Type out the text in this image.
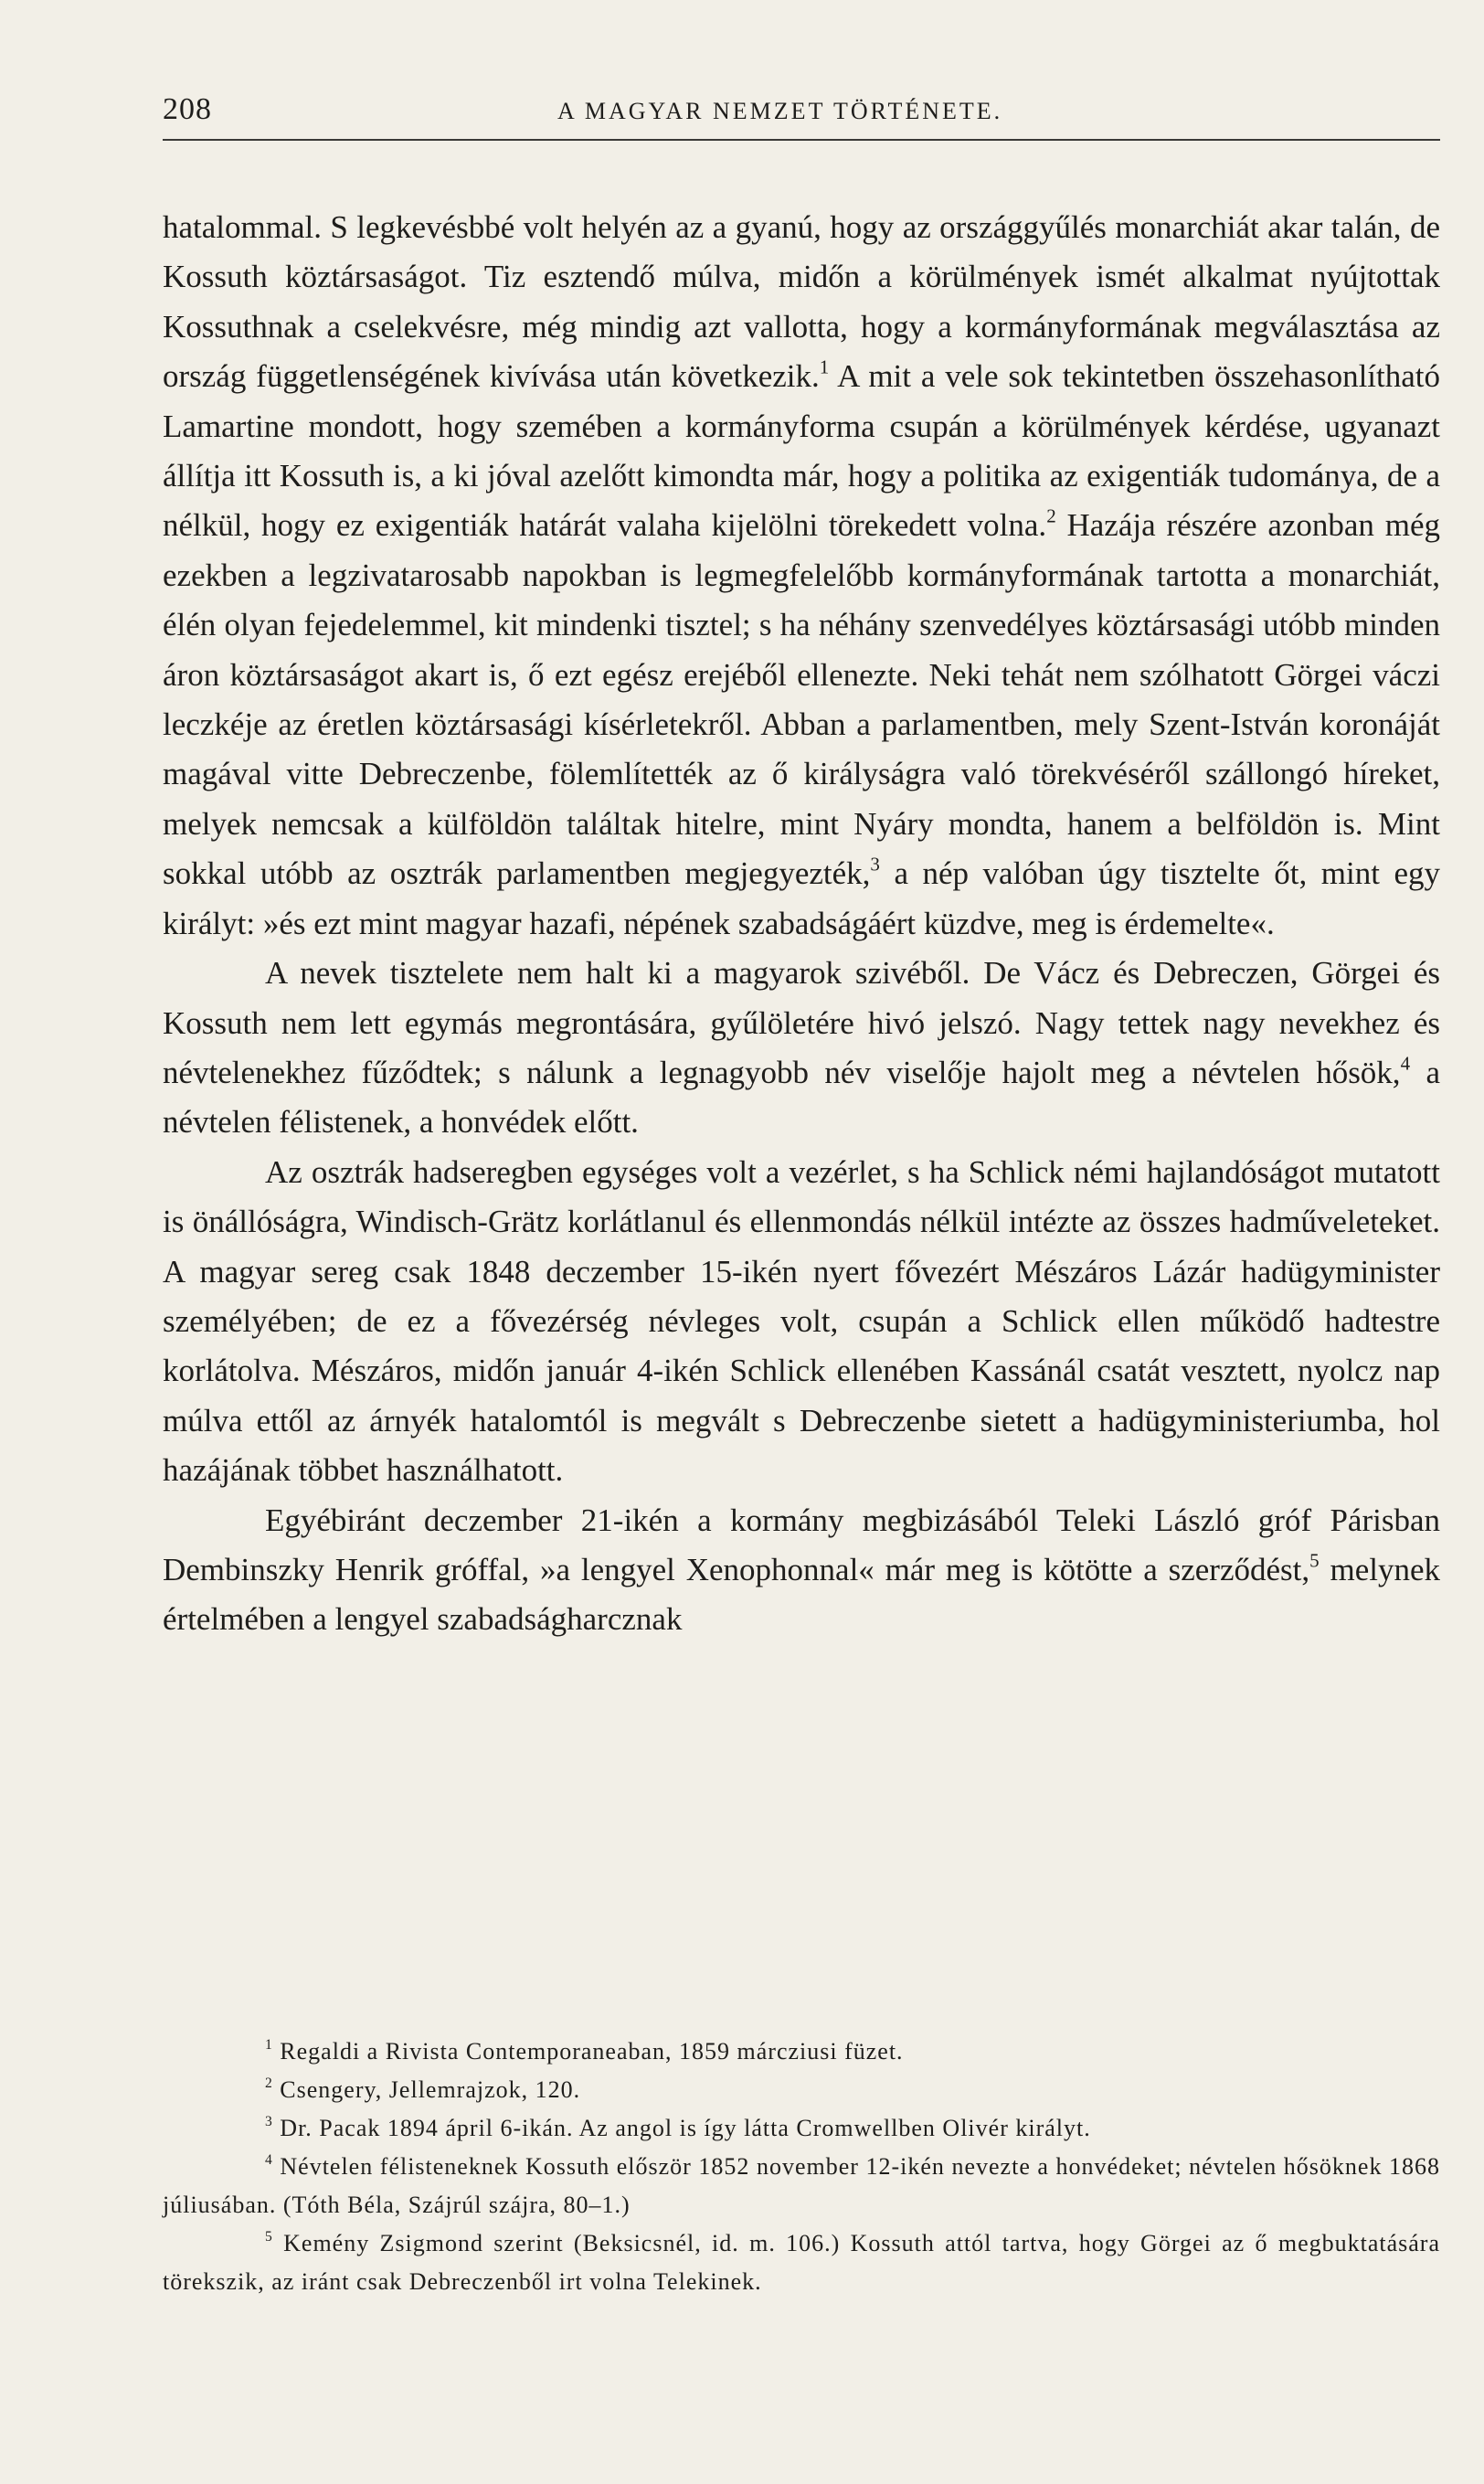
208	A MAGYAR NEMZET TÖRTÉNETE.

hatalommal. S legkevésbbé volt helyén az a gyanú, hogy az országgyűlés monarchiát akar talán, de Kossuth köztársaságot. Tiz esztendő múlva, midőn a körülmények ismét alkalmat nyújtottak Kossuthnak a cselekvésre, még mindig azt vallotta, hogy a kormányformának megválasztása az ország függetlenségének kivívása után következik.$^1$ A mit a vele sok tekintetben összehasonlítható Lamartine mondott, hogy szemében a kormányforma csupán a körülmények kérdése, ugyanazt állítja itt Kossuth is, a ki jóval azelőtt kimondta már, hogy a politika az exigentiák tudománya, de a nélkül, hogy ez exigentiák határát valaha kijelölni törekedett volna.$^2$ Hazája részére azonban még ezekben a legzivatarosabb napokban is legmegfelelőbb kormányformának tartotta a monarchiát, élén olyan fejedelemmel, kit mindenki tisztel; s ha néhány szenvedélyes köztársasági utóbb minden áron köztársaságot akart is, ő ezt egész erejéből ellenezte. Neki tehát nem szólhatott Görgei váczi leczkéje az éretlen köztársasági kísérletekről. Abban a parlamentben, mely Szent-István koronáját magával vitte Debreczenbe, fölemlítették az ő királyságra való törekvéséről szállongó híreket, melyek nemcsak a külföldön találtak hitelre, mint Nyáry mondta, hanem a belföldön is. Mint sokkal utóbb az osztrák parlamentben megjegyezték,$^3$ a nép valóban úgy tisztelte őt, mint egy királyt: »és ezt mint magyar hazafi, népének szabadságáért küzdve, meg is érdemelte«.

A nevek tisztelete nem halt ki a magyarok szivéből. De Vácz és Debreczen, Görgei és Kossuth nem lett egymás megrontására, gyűlöletére hivó jelszó. Nagy tettek nagy nevekhez és névtelenekhez fűződtek; s nálunk a legnagyobb név viselője hajolt meg a névtelen hősök,$^4$ a névtelen félistenek, a honvédek előtt.

Az osztrák hadseregben egységes volt a vezérlet, s ha Schlick némi hajlandóságot mutatott is önállóságra, Windisch-Grätz korlátlanul és ellenmondás nélkül intézte az összes hadműveleteket. A magyar sereg csak 1848 deczember 15-ikén nyert fővezért Mészáros Lázár hadügyminister személyében; de ez a fővezérség névleges volt, csupán a Schlick ellen működő hadtestre korlátolva. Mészáros, midőn január 4-ikén Schlick ellenében Kassánál csatát vesztett, nyolcz nap múlva ettől az árnyék hatalomtól is megvált s Debreczenbe sietett a hadügyministeriumba, hol hazájának többet használhatott.

Egyébiránt deczember 21-ikén a kormány megbizásából Teleki László gróf Párisban Dembinszky Henrik gróffal, »a lengyel Xenophonnal« már meg is kötötte a szerződést,$^5$ melynek értelmében a lengyel szabadságharcznak

$^1$ Regaldi a Rivista Contemporaneaban, 1859 márcziusi füzet.

$^2$ Csengery, Jellemrajzok, 120.

$^3$ Dr. Pacak 1894 ápril 6-ikán. Az angol is így látta Cromwellben Olivér királyt.

$^4$ Névtelen félisteneknek Kossuth először 1852 november 12-ikén nevezte a honvédeket; névtelen hősöknek 1868 júliusában. (Tóth Béla, Szájrúl szájra, 80–1.)

$^5$ Kemény Zsigmond szerint (Beksicsnél, id. m. 106.) Kossuth attól tartva, hogy Görgei az ő megbuktatására törekszik, az iránt csak Debreczenből irt volna Telekinek.
